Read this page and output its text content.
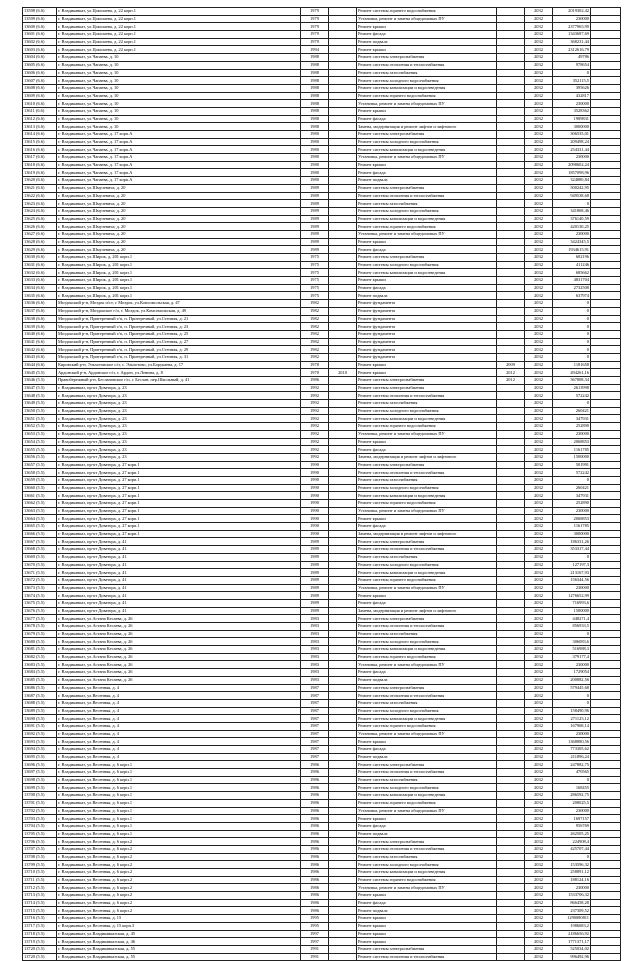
13598 (6.6)	г. Владикавказ, ул.Цоколаева, д. 22 корп.1	1979		Ремонт системы горячего водоснабжения		2032	2019302,42	
13599 (6.6)	г. Владикавказ, ул.Цоколаева, д. 22 корп.1	1979		Установка, ремонт и замена общедомовых ПУ		2032	230000	
13600 (6.6)	г. Владикавказ, ул.Цоколаева, д. 22 корп.1	1979		Ремонт крыши		2032	2377965,99	
13601 (6.6)	г. Владикавказ, ул.Цоколаева, д. 22 корп.1	1979		Ремонт фасада		2032	1343687,69	
13602 (6.6)	г. Владикавказ, ул.Цоколаева, д. 22 корп.1	1979		Ремонт подвала		2032	368231,44	
13603 (6.6)	г. Владикавказ, ул.Цоколаева, д. 22 корп.1	1994		Ремонт крыши		2032	2312616,79	
13604 (6.6)	г. Владикавказ, ул.Чапаева, д. 10	1988		Ремонт системы электроснабжения		2032	49786	
13605 (6.6)	г. Владикавказ, ул.Чапаева, д. 10	1988		Ремонт системы отопления и теплоснабжения		2032	978654	
13606 (6.6)	г. Владикавказ, ул.Чапаева, д. 10	1988		Ремонт системы газоснабжения		2032	0	
13607 (6.6)	г. Владикавказ, ул.Чапаева, д. 10	1988		Ремонт системы холодного водоснабжения		2032	352115,5	
13608 (6.6)	г. Владикавказ, ул.Чапаева, д. 10	1988		Ремонт системы канализации и водоотведения		2032	395626	
13609 (6.6)	г. Владикавказ, ул.Чапаева, д. 10	1988		Ремонт системы горячего водоснабжения		2032	432817	
13610 (6.6)	г. Владикавказ, ул.Чапаева, д. 10	1988		Установка, ремонт и замена общедомовых ПУ		2032	230000	
13611 (6.6)	г. Владикавказ, ул.Чапаева, д. 10	1988		Ремонт крыши		2032	3528362	
13612 (6.6)	г. Владикавказ, ул.Чапаева, д. 10	1988		Ремонт фасада		2032	1989831	
13613 (6.6)	г. Владикавказ, ул.Чапаева, д. 10	1988		Замена, модернизация и ремонт лифтов и лифтового		2032	3000000	
13614 (6.6)	г. Владикавказ, ул.Чапаева, д. 17 корп.А	1980		Ремонт системы электроснабжения		2032	306535,01	
13615 (6.6)	г. Владикавказ, ул.Чапаева, д. 17 корп.А	1980		Ремонт системы холодного водоснабжения		2032	209498,24	
13616 (6.6)	г. Владикавказ, ул.Чапаева, д. 17 корп.А	1980		Ремонт системы канализации и водоотведения		2032	254331,44	
13617 (6.6)	г. Владикавказ, ул.Чапаева, д. 17 корп.А	1980		Установка, ремонт и замена общедомовых ПУ		2032	230000	
13618 (6.6)	г. Владикавказ, ул.Чапаева, д. 17 корп.А	1980		Ремонт крыши		2032	2098602,24	
13619 (6.6)	г. Владикавказ, ул.Чапаева, д. 17 корп.А	1980		Ремонт фасада		2032	1857098,96	
13620 (6.6)	г. Владикавказ, ул.Чапаева, д. 17 корп.А	1980		Ремонт подвала		2032	324880,84	
13621 (6.6)	г. Владикавказ, ул.Шмулевича, д. 20	1989		Ремонт системы электроснабжения		2032	500242,95	
13622 (6.6)	г. Владикавказ, ул.Шмулевича, д. 20	1989		Ремонт системы отопления и теплоснабжения		2032	949538,68	
13623 (6.6)	г. Владикавказ, ул.Шмулевича, д. 20	1989		Ремонт системы газоснабжения		2032	0	
13624 (6.6)	г. Владикавказ, ул.Шмулевича, д. 20	1989		Ремонт системы холодного водоснабжения		2032	341868,46	
13625 (6.6)	г. Владикавказ, ул.Шмулевича, д. 20	1989		Ремонт системы канализации и водоотведения		2032	376140,59	
13626 (6.6)	г. Владикавказ, ул.Шмулевича, д. 20	1989		Ремонт системы горячего водоснабжения		2032	420130,25	
13627 (6.6)	г. Владикавказ, ул.Шмулевича, д. 20	1989		Установка, ремонт и замена общедомовых ПУ		2032	230000	
13628 (6.6)	г. Владикавказ, ул.Шмулевича, д. 20	1989		Ремонт крыши		2032	3424345,5	
13629 (6.6)	г. Владикавказ, ул.Шмулевича, д. 20	1989		Ремонт фасада		2032	1934615,91	
13630 (6.6)	г. Владикавказ, ул.Широк, д. 201 корп.1	1975		Ремонт системы электроснабжения		2032	602196	
13631 (6.6)	г. Владикавказ, ул.Широк, д. 201 корп.1	1975		Ремонт системы холодного водоснабжения		2032	411246	
13632 (6.6)	г. Владикавказ, ул.Широк, д. 201 корп.1	1975		Ремонт системы канализации и водоотведения		2032	685662	
13633 (6.6)	г. Владикавказ, ул.Широк, д. 201 корп.1	1975		Ремонт крыши		2032	4831704	
13634 (6.6)	г. Владикавказ, ул.Широк, д. 201 корп.1	1975		Ремонт фасада		2032	2732508	
13635 (6.6)	г. Владикавказ, ул.Широк, д. 201 корп.1	1975		Ремонт подвала		2032	637974	
13636 (6.6)	Моздокский р-н, Моздок п/ст, г. Моздок, ул.Комсомольская, д. 47	1982		Ремонт фундамента		2032	0	
13637 (6.6)	Моздокский р-н, Моздокское г/п, г. Моздок, ул.Комсомольская, д. 49	1982		Ремонт фундамента		2032	0	
13638 (6.6)	Моздокский р-н, Притеречный г/п, п. Притеречный, ул.Степная, д. 21	1982		Ремонт фундамента		2032	0	
13639 (6.6)	Моздокский р-н, Притеречный г/п, п. Притеречный, ул.Степная, д. 23	1982		Ремонт фундамента		2032	0	
13640 (6.6)	Моздокский р-н, Притеречный г/п, п. Притеречный, ул.Степная, д. 25	1982		Ремонт фундамента		2032	0	
13641 (6.6)	Моздокский р-н, Притеречный г/п, п. Притеречный, ул.Степная, д. 27	1982		Ремонт фундамента		2032	0	
13642 (6.6)	Моздокский р-н, Притеречный г/п, п. Притеречный, ул.Степная, д. 29	1982		Ремонт фундамента		2032	0	
13643 (6.6)	Моздокский р-н, Притеречный г/п, п. Притеречный, ул.Степная, д. 31	1982		Ремонт фундамента		2032	0	
13644 (6.6)	Кировский р-н, Эльхотовское с/п, с. Эльхотово, ул.Борукаева, д. 17	1978		Ремонт крыши	2009	2032	1181658	
13645 (5.5)	Ардонский р-н, Ардонское г/п, г. Ардон, ул.Ленина, д. 8	1970	2010	Ремонт крыши	2012	2032	494261,16	
13646 (5.5)	Правобережный р-н, Беслановское г/п, г. Беслан, пер.Школьный, д. 41	1986		Ремонт системы электроснабжения	2012	2032	367808,34	
13647 (5.5)	г. Владикавказ, пр-кт Доватора, д. 23	1992		Ремонт системы электроснабжения		2032	2613998	
13648 (5.5)	г. Владикавказ, пр-кт Доватора, д. 23	1992		Ремонт системы отопления и теплоснабжения		2032	572242	
13649 (5.5)	г. Владикавказ, пр-кт Доватора, д. 23	1992		Ремонт системы газоснабжения		2032	0	
13650 (5.5)	г. Владикавказ, пр-кт Доватора, д. 23	1992		Ремонт системы холодного водоснабжения		2032	260421	
13651 (5.5)	г. Владикавказ, пр-кт Доватора, д. 23	1992		Ремонт системы канализации и водоотведения		2032	347931	
13652 (5.5)	г. Владикавказ, пр-кт Доватора, д. 23	1992		Ремонт системы горячего водоснабжения		2032	252890	
13653 (5.5)	г. Владикавказ, пр-кт Доватора, д. 23	1992		Установка, ремонт и замена общедомовых ПУ		2032	230000	
13654 (5.5)	г. Владикавказ, пр-кт Доватора, д. 23	1992		Ремонт крыши		2032	2068853	
13655 (5.5)	г. Владикавказ, пр-кт Доватора, д. 23	1992		Ремонт фасада		2032	1161785	
13656 (5.5)	г. Владикавказ, пр-кт Доватора, д. 23	1992		Замена, модернизация и ремонт лифтов и лифтового		2032	1500000	
13657 (5.5)	г. Владикавказ, пр-кт Доватора, д. 27 корп.1	1990		Ремонт системы электроснабжения		2032	501991	
13658 (5.5)	г. Владикавказ, пр-кт Доватора, д. 27 корп.1	1990		Ремонт системы отопления и теплоснабжения		2032	572242	
13659 (5.5)	г. Владикавказ, пр-кт Доватора, д. 27 корп.1	1990		Ремонт системы газоснабжения		2032	0	
13660 (5.5)	г. Владикавказ, пр-кт Доватора, д. 27 корп.1	1990		Ремонт системы холодного водоснабжения		2032	260421	
13661 (5.5)	г. Владикавказ, пр-кт Доватора, д. 27 корп.1	1990		Ремонт системы канализации и водоотведения		2032	347931	
13662 (5.5)	г. Владикавказ, пр-кт Доватора, д. 27 корп.1	1990		Ремонт системы горячего водоснабжения		2032	252890	
13663 (5.5)	г. Владикавказ, пр-кт Доватора, д. 27 корп.1	1990		Установка, ремонт и замена общедомовых ПУ		2032	230000	
13664 (5.5)	г. Владикавказ, пр-кт Доватора, д. 27 корп.1	1990		Ремонт крыши		2032	2068853	
13665 (5.5)	г. Владикавказ, пр-кт Доватора, д. 27 корп.1	1990		Ремонт фасада		2032	1161785	
13666 (5.5)	г. Владикавказ, пр-кт Доватора, д. 27 корп.1	1990		Замена, модернизация и ремонт лифтов и лифтового		2032	3000000	
13667 (5.5)	г. Владикавказ, пр-кт Доватора, д. 41	1989		Ремонт системы электроснабжения		2032	186331,26	
13668 (5.5)	г. Владикавказ, пр-кт Доватора, д. 41	1989		Ремонт системы отопления и теплоснабжения		2032	353317,44	
13669 (5.5)	г. Владикавказ, пр-кт Доватора, д. 41	1989		Ремонт системы газоснабжения		2032	0	
13670 (5.5)	г. Владикавказ, пр-кт Доватора, д. 41	1989		Ремонт системы холодного водоснабжения		2032	127197,3	
13671 (5.5)	г. Владикавказ, пр-кт Доватора, д. 41	1989		Ремонт системы канализации и водоотведения		2032	213167,93	
13672 (5.5)	г. Владикавказ, пр-кт Доватора, д. 41	1989		Ремонт системы горячего водоснабжения		2032	156344,56	
13673 (5.5)	г. Владикавказ, пр-кт Доватора, д. 41	1989		Установка, ремонт и замена общедомовых ПУ		2032	230000	
13674 (5.5)	г. Владикавказ, пр-кт Доватора, д. 41	1989		Ремонт крыши		2032	1276652,99	
13675 (5.5)	г. Владикавказ, пр-кт Доватора, д. 41	1989		Ремонт фасада		2032	716993,6	
13676 (5.5)	г. Владикавказ, пр-кт Доватора, д. 41	1989		Замена, модернизация и ремонт лифтов и лифтового		2032	1500000	
13677 (5.5)	г. Владикавказ, ул.Астана Кесаева, д. 26	1983		Ремонт системы электроснабжения		2032	448271,4	
13678 (5.5)	г. Владикавказ, ул.Астана Кесаева, д. 26	1983		Ремонт системы отопления и теплоснабжения		2032	856933,5	
13679 (5.5)	г. Владикавказ, ул.Астана Кесаева, д. 26	1983		Ремонт системы газоснабжения		2032	0	
13680 (5.5)	г. Владикавказ, ул.Астана Кесаева, д. 26	1983		Ремонт системы холодного водоснабжения		2032	306083,6	
13681 (5.5)	г. Владикавказ, ул.Астана Кесаева, д. 26	1983		Ремонт системы канализации и водоотведения		2032	516988,3	
13682 (5.5)	г. Владикавказ, ул.Астана Кесаева, д. 26	1983		Ремонт системы горячего водоснабжения		2032	379177,4	
13683 (5.5)	г. Владикавказ, ул.Астана Кесаева, д. 26	1983		Установка, ремонт и замена общедомовых ПУ		2032	230000	
13684 (5.5)	г. Владикавказ, ул.Астана Кесаева, д. 26	1983		Ремонт фасада		2032	1729054	
13685 (5.5)	г. Владикавказ, ул.Астана Кесаева, д. 26	1983		Ремонт подвала		2032	200882,56	
13686 (5.5)	г. Владикавказ, ул.Весенняя, д. 4	1987		Ремонт системы электроснабжения		2032	579445,68	
13687 (5.5)	г. Владикавказ, ул.Весенняя, д. 4	1987		Ремонт системы отопления и теплоснабжения		2032	0	
13688 (5.5)	г. Владикавказ, ул.Весенняя, д. 4	1987		Ремонт системы газоснабжения		2032	0	
13689 (5.5)	г. Владикавказ, ул.Весенняя, д. 4	1987		Ремонт системы холодного водоснабжения		2032	158490,96	
13690 (5.5)	г. Владикавказ, ул.Весенняя, д. 4	1987		Ремонт системы канализации и водоотведения		2032	271125,12	
13691 (5.5)	г. Владикавказ, ул.Весенняя, д. 4	1987		Ремонт системы горячего водоснабжения		2032	167968,14	
13692 (5.5)	г. Владикавказ, ул.Весенняя, д. 4	1987		Установка, ремонт и замена общедомовых ПУ		2032	230000	
13693 (5.5)	г. Владикавказ, ул.Весенняя, д. 4	1987		Ремонт крыши		2032	1368880,56	
13694 (5.5)	г. Владикавказ, ул.Весенняя, д. 4	1987		Ремонт фасада		2032	773305,62	
13695 (5.5)	г. Владикавказ, ул.Весенняя, д. 4	1987		Ремонт подвала		2032	211896,24	
13696 (5.5)	г. Владикавказ, ул.Весенняя, д. 6 корп.1	1986		Ремонт системы электроснабжения		2032	247882,75	
13697 (5.5)	г. Владикавказ, ул.Весенняя, д. 6 корп.1	1986		Ремонт системы отопления и теплоснабжения		2032	470565	
13698 (5.5)	г. Владикавказ, ул.Весенняя, д. 6 корп.1	1986		Ремонт системы газоснабжения		2032	0	
13699 (5.5)	г. Владикавказ, ул.Весенняя, д. 6 корп.1	1986		Ремонт системы холодного водоснабжения		2032	168455	
13700 (5.5)	г. Владикавказ, ул.Весенняя, д. 6 корп.1	1986		Ремонт системы канализации и водоотведения		2032	286592,75	
13701 (5.5)	г. Владикавказ, ул.Весенняя, д. 6 корп.1	1986		Ремонт системы горячего водоснабжения		2032	208025,5	
13702 (5.5)	г. Владикавказ, ул.Весенняя, д. 6 корп.1	1986		Установка, ремонт и замена общедомовых ПУ		2032	230000	
13703 (5.5)	г. Владикавказ, ул.Весенняя, д. 6 корп.1	1986		Ремонт крыши		2032	1697157	
13704 (5.5)	г. Владикавказ, ул.Весенняя, д. 6 корп.1	1986		Ремонт фасада		2032	956769	
13705 (5.5)	г. Владикавказ, ул.Весенняя, д. 6 корп.1	1986		Ремонт подвала		2032	262505,25	
13706 (5.5)	г. Владикавказ, ул.Весенняя, д. 6 корп.2	1986		Ремонт системы электроснабжения		2032	224908,4	
13707 (5.5)	г. Владикавказ, ул.Весенняя, д. 6 корп.2	1986		Ремонт системы отопления и теплоснабжения		2032	425707,44	
13708 (5.5)	г. Владикавказ, ул.Весенняя, д. 6 корп.2	1986		Ремонт системы газоснабжения		2032	0	
13709 (5.5)	г. Владикавказ, ул.Весенняя, д. 6 корп.2	1986		Ремонт системы холодного водоснабжения		2032	153596,32	
13710 (5.5)	г. Владикавказ, ул.Весенняя, д. 6 корп.2	1986		Ремонт системы канализации и водоотведения		2032	258891,12	
13711 (5.5)	г. Владикавказ, ул.Весенняя, д. 6 корп.2	1986		Ремонт системы горячего водоснабжения		2032	188124,16	
13712 (5.5)	г. Владикавказ, ул.Весенняя, д. 6 корп.2	1986		Установка, ремонт и замена общедомовых ПУ		2032	230000	
13713 (5.5)	г. Владикавказ, ул.Весенняя, д. 6 корп.2	1986		Ремонт крыши		2032	1533706,32	
13714 (5.5)	г. Владикавказ, ул.Весенняя, д. 6 корп.2	1986		Ремонт фасада		2032	866458,28	
13715 (5.5)	г. Владикавказ, ул.Весенняя, д. 6 корп.2	1986		Ремонт подвала		2032	237309,52	
13716 (5.5)	г. Владикавказ, ул.Весенняя, д. 15	1995		Ремонт крыши		2032	1290080811	
13717 (5.5)	г. Владикавказ, ул.Весенняя, д. 15 корп.3	1995		Ремонт крыши		2032	1986683,2	
13718 (5.5)	г. Владикавказ, ул.Владикавказская, д. 45	1997		Ремонт крыши		2032	2186656,92	
13719 (5.5)	г. Владикавказ, ул.Владикавказская, д. 46	1997		Ремонт крыши		2032	1771371,17	
13720 (5.5)	г. Владикавказ, ул.Владикавказская, д. 55	1991		Ремонт системы электроснабжения		2032	525034,02	
13720 (5.5)	г. Владикавказ, ул.Владикавказская, д. 55	1991		Ремонт системы отопления и теплоснабжения		2032	996492,96	
